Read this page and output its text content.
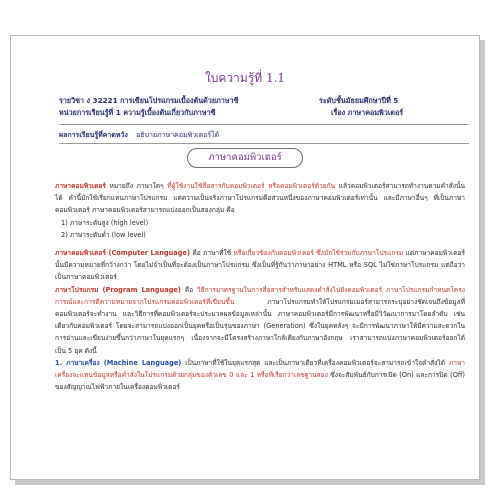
ใบความรู้ที่ 1.1
รายวิชา ง 32221 การเขียนโปรแกรมเบื้องต้นด้วยภาษาซี	ระดับชั้นมัธยมศึกษาปีที่ 5
หน่วยการเรียนรู้ที่ 1 ความรู้เบื้องต้นเกี่ยวกับภาษาซี	เรื่อง ภาษาคอมพิวเตอร์
ผลการเรียนรู้ที่คาดหวัง อธิบายภาษาคอมพิวเตอร์ได้
ภาษาคอมพิวเตอร์

ภาษาคอมพิวเตอร์ หมายถึง ภาษาใดๆ ที่ผู้ใช้งานใช้สื่อสารกับคอมพิวเตอร์ หรือคอมพิวเตอร์ด้วยกัน แล้วคอมพิวเตอร์สามารถทำงานตามคำสั่งนั้นได้ คำนี้มักใช้เรียกแทนภาษาโปรแกรม แต่ความเป็นจริงภาษาโปรแกรมคือส่วนหนึ่งของภาษาคอมพิวเตอร์เท่านั้น และมีภาษาอื่นๆ ที่เป็นภาษาคอมพิวเตอร์ ภาษาคอมพิวเตอร์สามารถแบ่งออกเป็นสองกลุ่ม คือ

1) ภาษาระดับสูง (high level)

2) ภาษาระดับต่ำ (low level)

ภาษาคอมพิวเตอร์ (Computer Language) คือ ภาษาที่ใช้ หรือเกี่ยวข้องกับคอมพิวเตอร์ ซึ่งมักใช้ร่วมกับภาษาโปรแกรม แต่ภาษาคอมพิวเตอร์นั้นมีความหมายที่กว้างกว่า โดยไม่จำเป็นที่จะต้องเป็นภาษาโปรแกรม ซึ่งเป็นที่รู้กันว่าภาษาอย่าง HTML หรือ SQL ไม่ใช่ภาษาโปรแกรม แต่ถือว่าเป็นภาษาคอมพิวเตอร์

ภาษาโปรแกรม (Program Language) คือ วิธีการมาตรฐานในการสื่อสารสำหรับแสดงคำสั่งไปยังคอมพิวเตอร์ ภาษาโปรแกรมกำหนดโครงการณ์และการตีความหมายจากโปรแกรมคอมพิวเตอร์ที่เขียนขึ้น ภาษาโปรแกรมทำให้โปรแกรมเมอร์สามารถระบุอย่างชัดเจนถึงข้อมูลที่คอมพิวเตอร์จะทำงาน และวิธีการที่คอมพิวเตอร์จะประมวลผลข้อมูลเหล่านั้น ภาษาคอมพิวเตอร์มีการพัฒนาหรือมีวิวัฒนาการมาโดยลำดับ เช่นเดียวกับคอมพิวเตอร์ โดยจะสามารถแบ่งออกเป็นยุคหรือเป็นรุ่นของภาษา (Generation) ซึ่งในยุคหลังๆ จะมีการพัฒนาภาษาให้มีความสะดวกในการอ่านและเขียนง่ายขึ้นกว่าภาษาในยุคแรกๆ เนื่องจากจะมีโครงสร้างภาษาใกล้เคียงกับภาษาอังกฤษ เราสามารถแบ่งภาษาคอมพิวเตอร์ออกได้เป็น 5 ยุค ดังนี้

1. ภาษาเครื่อง (Machine Language) เป็นภาษาที่ใช้ในยุคแรกสุด และเป็นภาษาเดียวที่เครื่องคอมพิวเตอร์จะสามารถเข้าใจคำสั่งได้ ภาษาเครื่องจะแทนข้อมูลหรือคำสั่งในโปรแกรมด้วยกลุ่มของตัวเลข 0 และ 1 หรือที่เรียกว่าเลขฐานสอง ซึ่งจะสัมพันธ์กับการเปิด (On) และการปิด (Off) ของสัญญาณไฟฟ้าภายในเครื่องคอมพิวเตอร์
